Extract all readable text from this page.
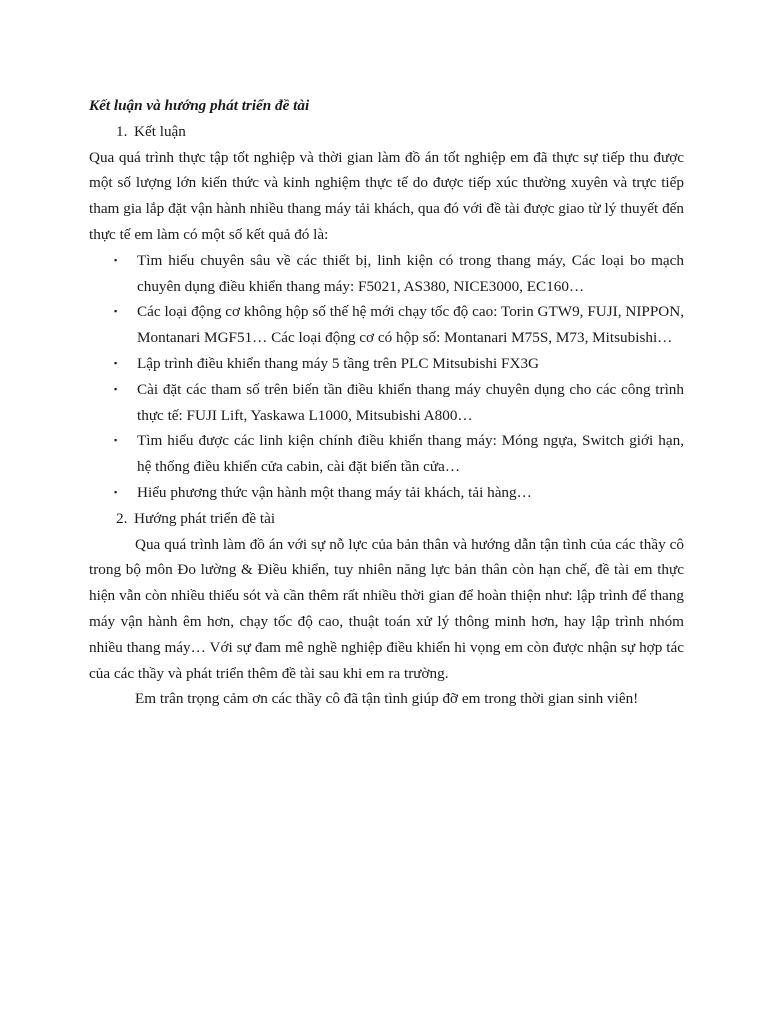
Kết luận và hướng phát triển đề tài

1. Kết luận

Qua quá trình thực tập tốt nghiệp và thời gian làm đồ án tốt nghiệp em đã thực sự tiếp thu được một số lượng lớn kiến thức và kinh nghiệm thực tế do được tiếp xúc thường xuyên và trực tiếp tham gia lắp đặt vận hành nhiều thang máy tải khách, qua đó với đề tài được giao từ lý thuyết đến thực tế em làm có một số kết quả đó là:

▪ Tìm hiểu chuyên sâu về các thiết bị, linh kiện có trong thang máy, Các loại bo mạch chuyên dụng điều khiển thang máy: F5021, AS380, NICE3000, EC160…
▪ Các loại động cơ không hộp số thế hệ mới chạy tốc độ cao: Torin GTW9, FUJI, NIPPON, Montanari MGF51… Các loại động cơ có hộp số: Montanari M75S, M73, Mitsubishi…
▪ Lập trình điều khiển thang máy 5 tầng trên PLC Mitsubishi FX3G
▪ Cài đặt các tham số trên biến tần điều khiển thang máy chuyên dụng cho các công trình thực tế: FUJI Lift, Yaskawa L1000, Mitsubishi A800…
▪ Tìm hiểu được các linh kiện chính điều khiển thang máy: Móng ngựa, Switch giới hạn, hệ thống điều khiển cửa cabin, cài đặt biến tần cửa…
▪ Hiểu phương thức vận hành một thang máy tải khách, tải hàng…

2. Hướng phát triển đề tài

Qua quá trình làm đồ án với sự nỗ lực của bản thân và hướng dẫn tận tình của các thầy cô trong bộ môn Đo lường & Điều khiển, tuy nhiên năng lực bản thân còn hạn chế, đề tài em thực hiện vẫn còn nhiều thiếu sót và cần thêm rất nhiều thời gian để hoàn thiện như: lập trình để thang máy vận hành êm hơn, chạy tốc độ cao, thuật toán xử lý thông minh hơn, hay lập trình nhóm nhiều thang máy… Với sự đam mê nghề nghiệp điều khiển hi vọng em còn được nhận sự hợp tác của các thầy và phát triển thêm đề tài sau khi em ra trường.

Em trân trọng cảm ơn các thầy cô đã tận tình giúp đỡ em trong thời gian sinh viên!
